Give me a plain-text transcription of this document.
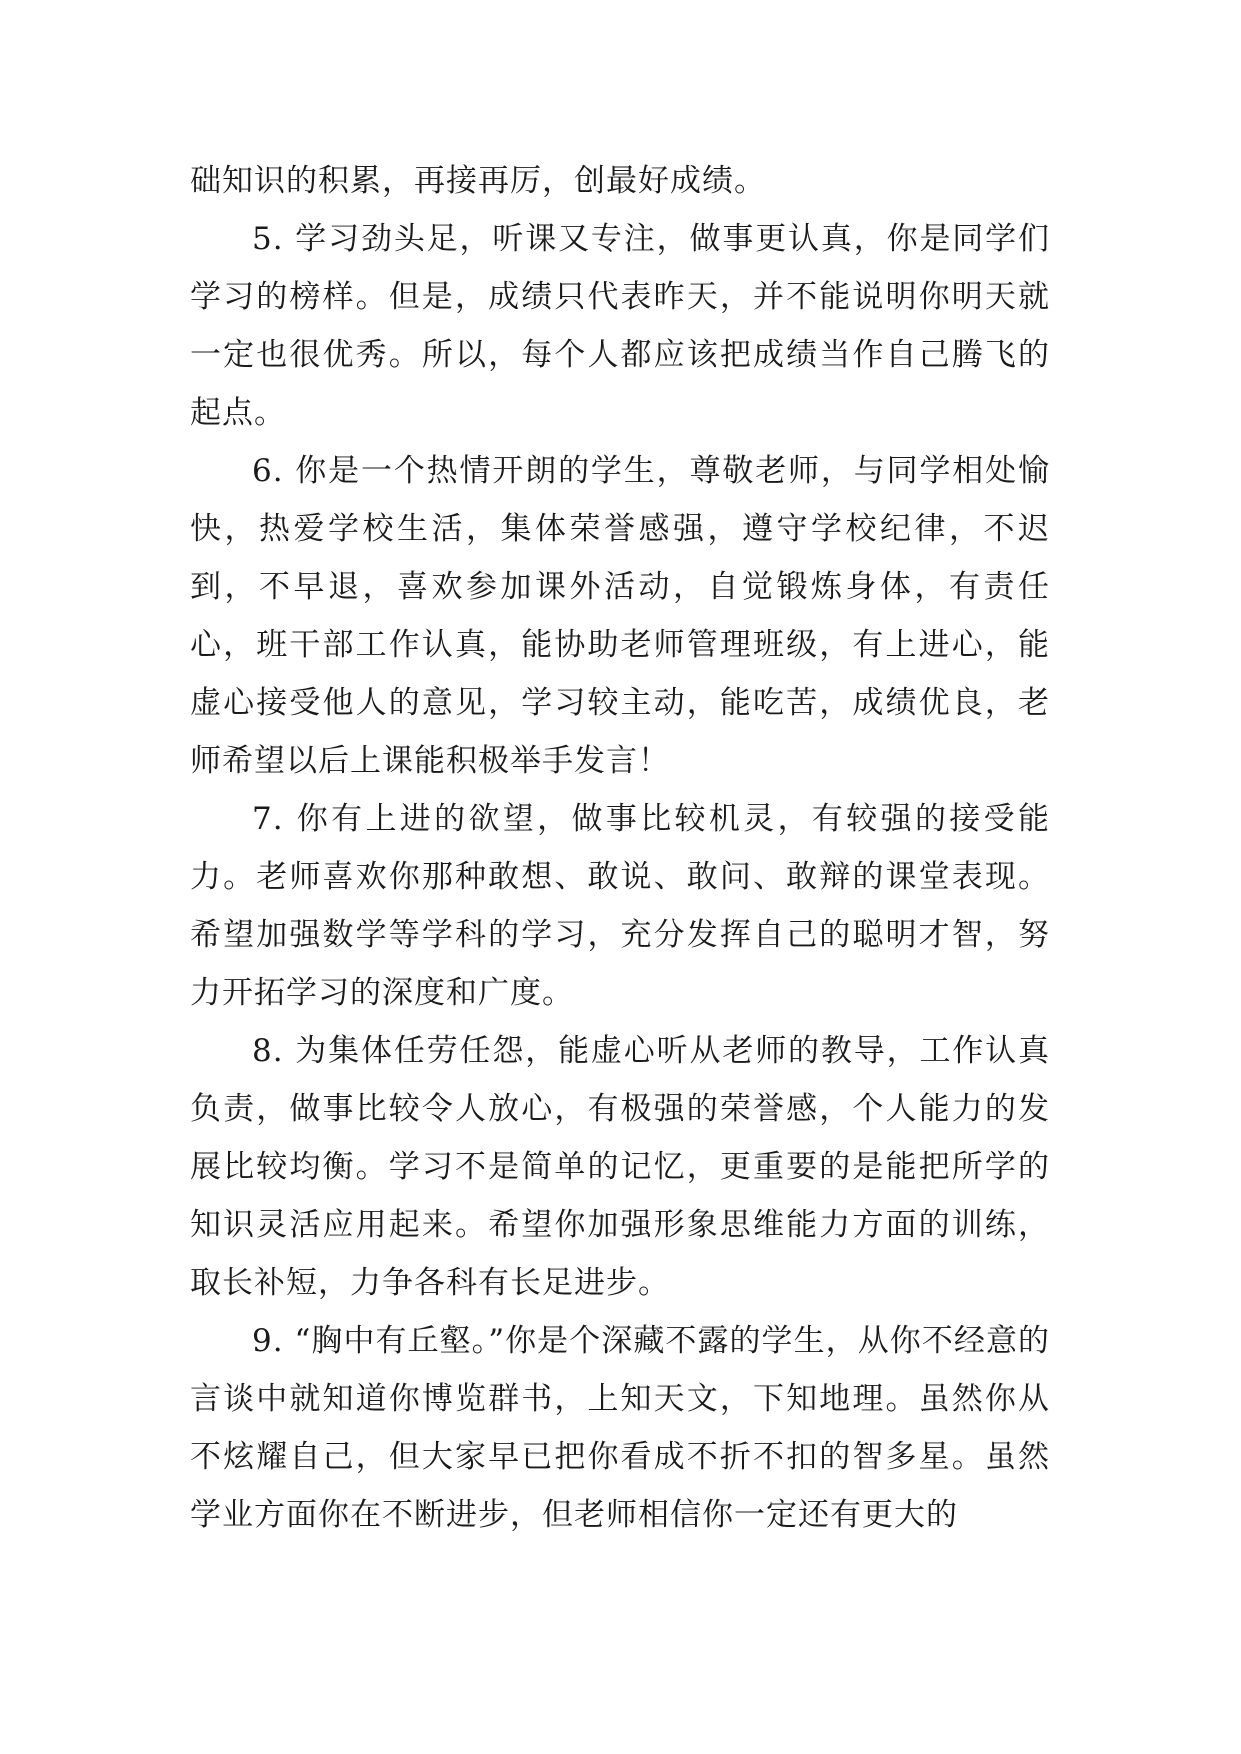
础知识的积累，再接再厉，创最好成绩。

5. 学习劲头足，听课又专注，做事更认真，你是同学们学习的榜样。但是，成绩只代表昨天，并不能说明你明天就一定也很优秀。所以，每个人都应该把成绩当作自己腾飞的起点。

6. 你是一个热情开朗的学生，尊敬老师，与同学相处愉快，热爱学校生活，集体荣誉感强，遵守学校纪律，不迟到，不早退，喜欢参加课外活动，自觉锻炼身体，有责任心，班干部工作认真，能协助老师管理班级，有上进心，能虚心接受他人的意见，学习较主动，能吃苦，成绩优良，老师希望以后上课能积极举手发言！

7. 你有上进的欲望，做事比较机灵，有较强的接受能力。老师喜欢你那种敢想、敢说、敢问、敢辩的课堂表现。希望加强数学等学科的学习，充分发挥自己的聪明才智，努力开拓学习的深度和广度。

8. 为集体任劳任怨，能虚心听从老师的教导，工作认真负责，做事比较令人放心，有极强的荣誉感，个人能力的发展比较均衡。学习不是简单的记忆，更重要的是能把所学的知识灵活应用起来。希望你加强形象思维能力方面的训练，取长补短，力争各科有长足进步。

9. “胸中有丘壑。”你是个深藏不露的学生，从你不经意的言谈中就知道你博览群书，上知天文，下知地理。虽然你从不炫耀自己，但大家早已把你看成不折不扣的智多星。虽然学业方面你在不断进步，但老师相信你一定还有更大的
